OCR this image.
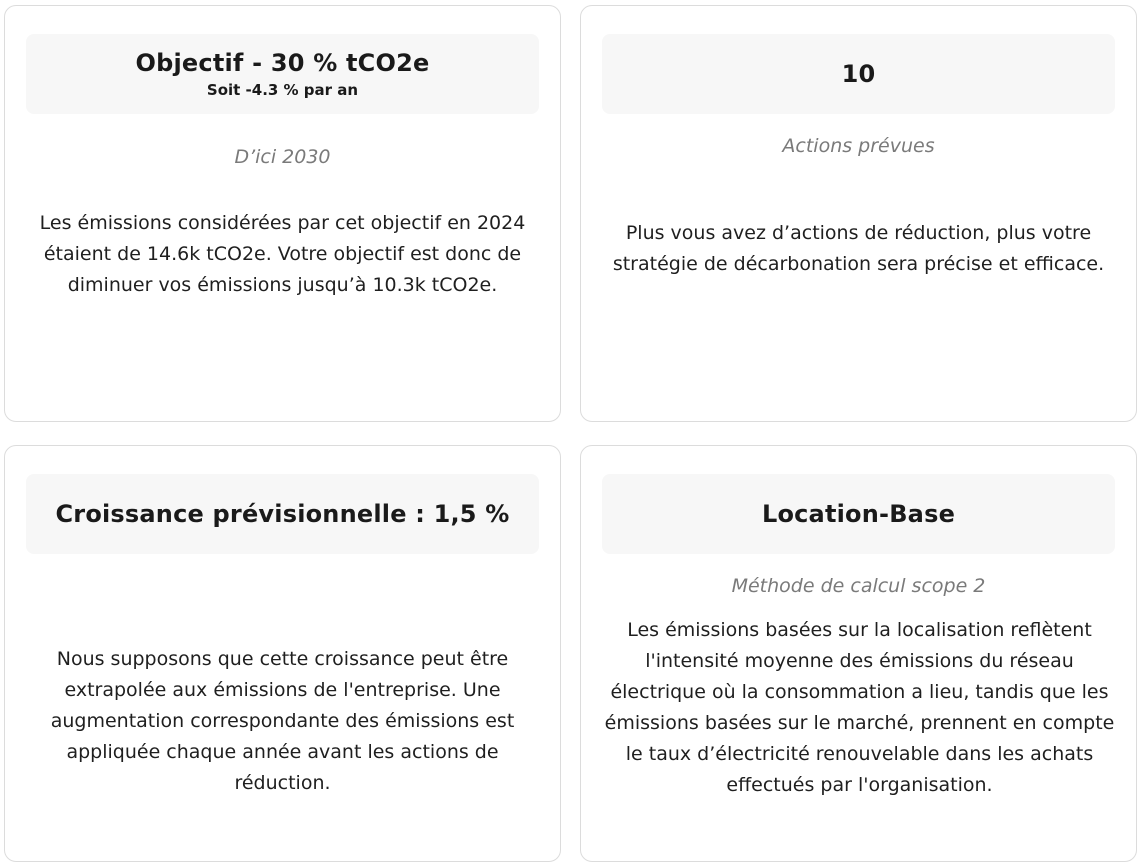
Objectif - 30 % tCO2e
Soit -4.3 % par an
D’ici 2030
Les émissions considérées par cet objectif en 2024 étaient de 14.6k tCO2e. Votre objectif est donc de diminuer vos émissions jusqu’à 10.3k tCO2e.
10
Actions prévues
Plus vous avez d’actions de réduction, plus votre stratégie de décarbonation sera précise et efficace.
Croissance prévisionnelle : 1,5 %
Nous supposons que cette croissance peut être extrapolée aux émissions de l'entreprise. Une augmentation correspondante des émissions est appliquée chaque année avant les actions de réduction.
Location-Base
Méthode de calcul scope 2
Les émissions basées sur la localisation reflètent l'intensité moyenne des émissions du réseau électrique où la consommation a lieu, tandis que les émissions basées sur le marché, prennent en compte le taux d’électricité renouvelable dans les achats effectués par l'organisation.
